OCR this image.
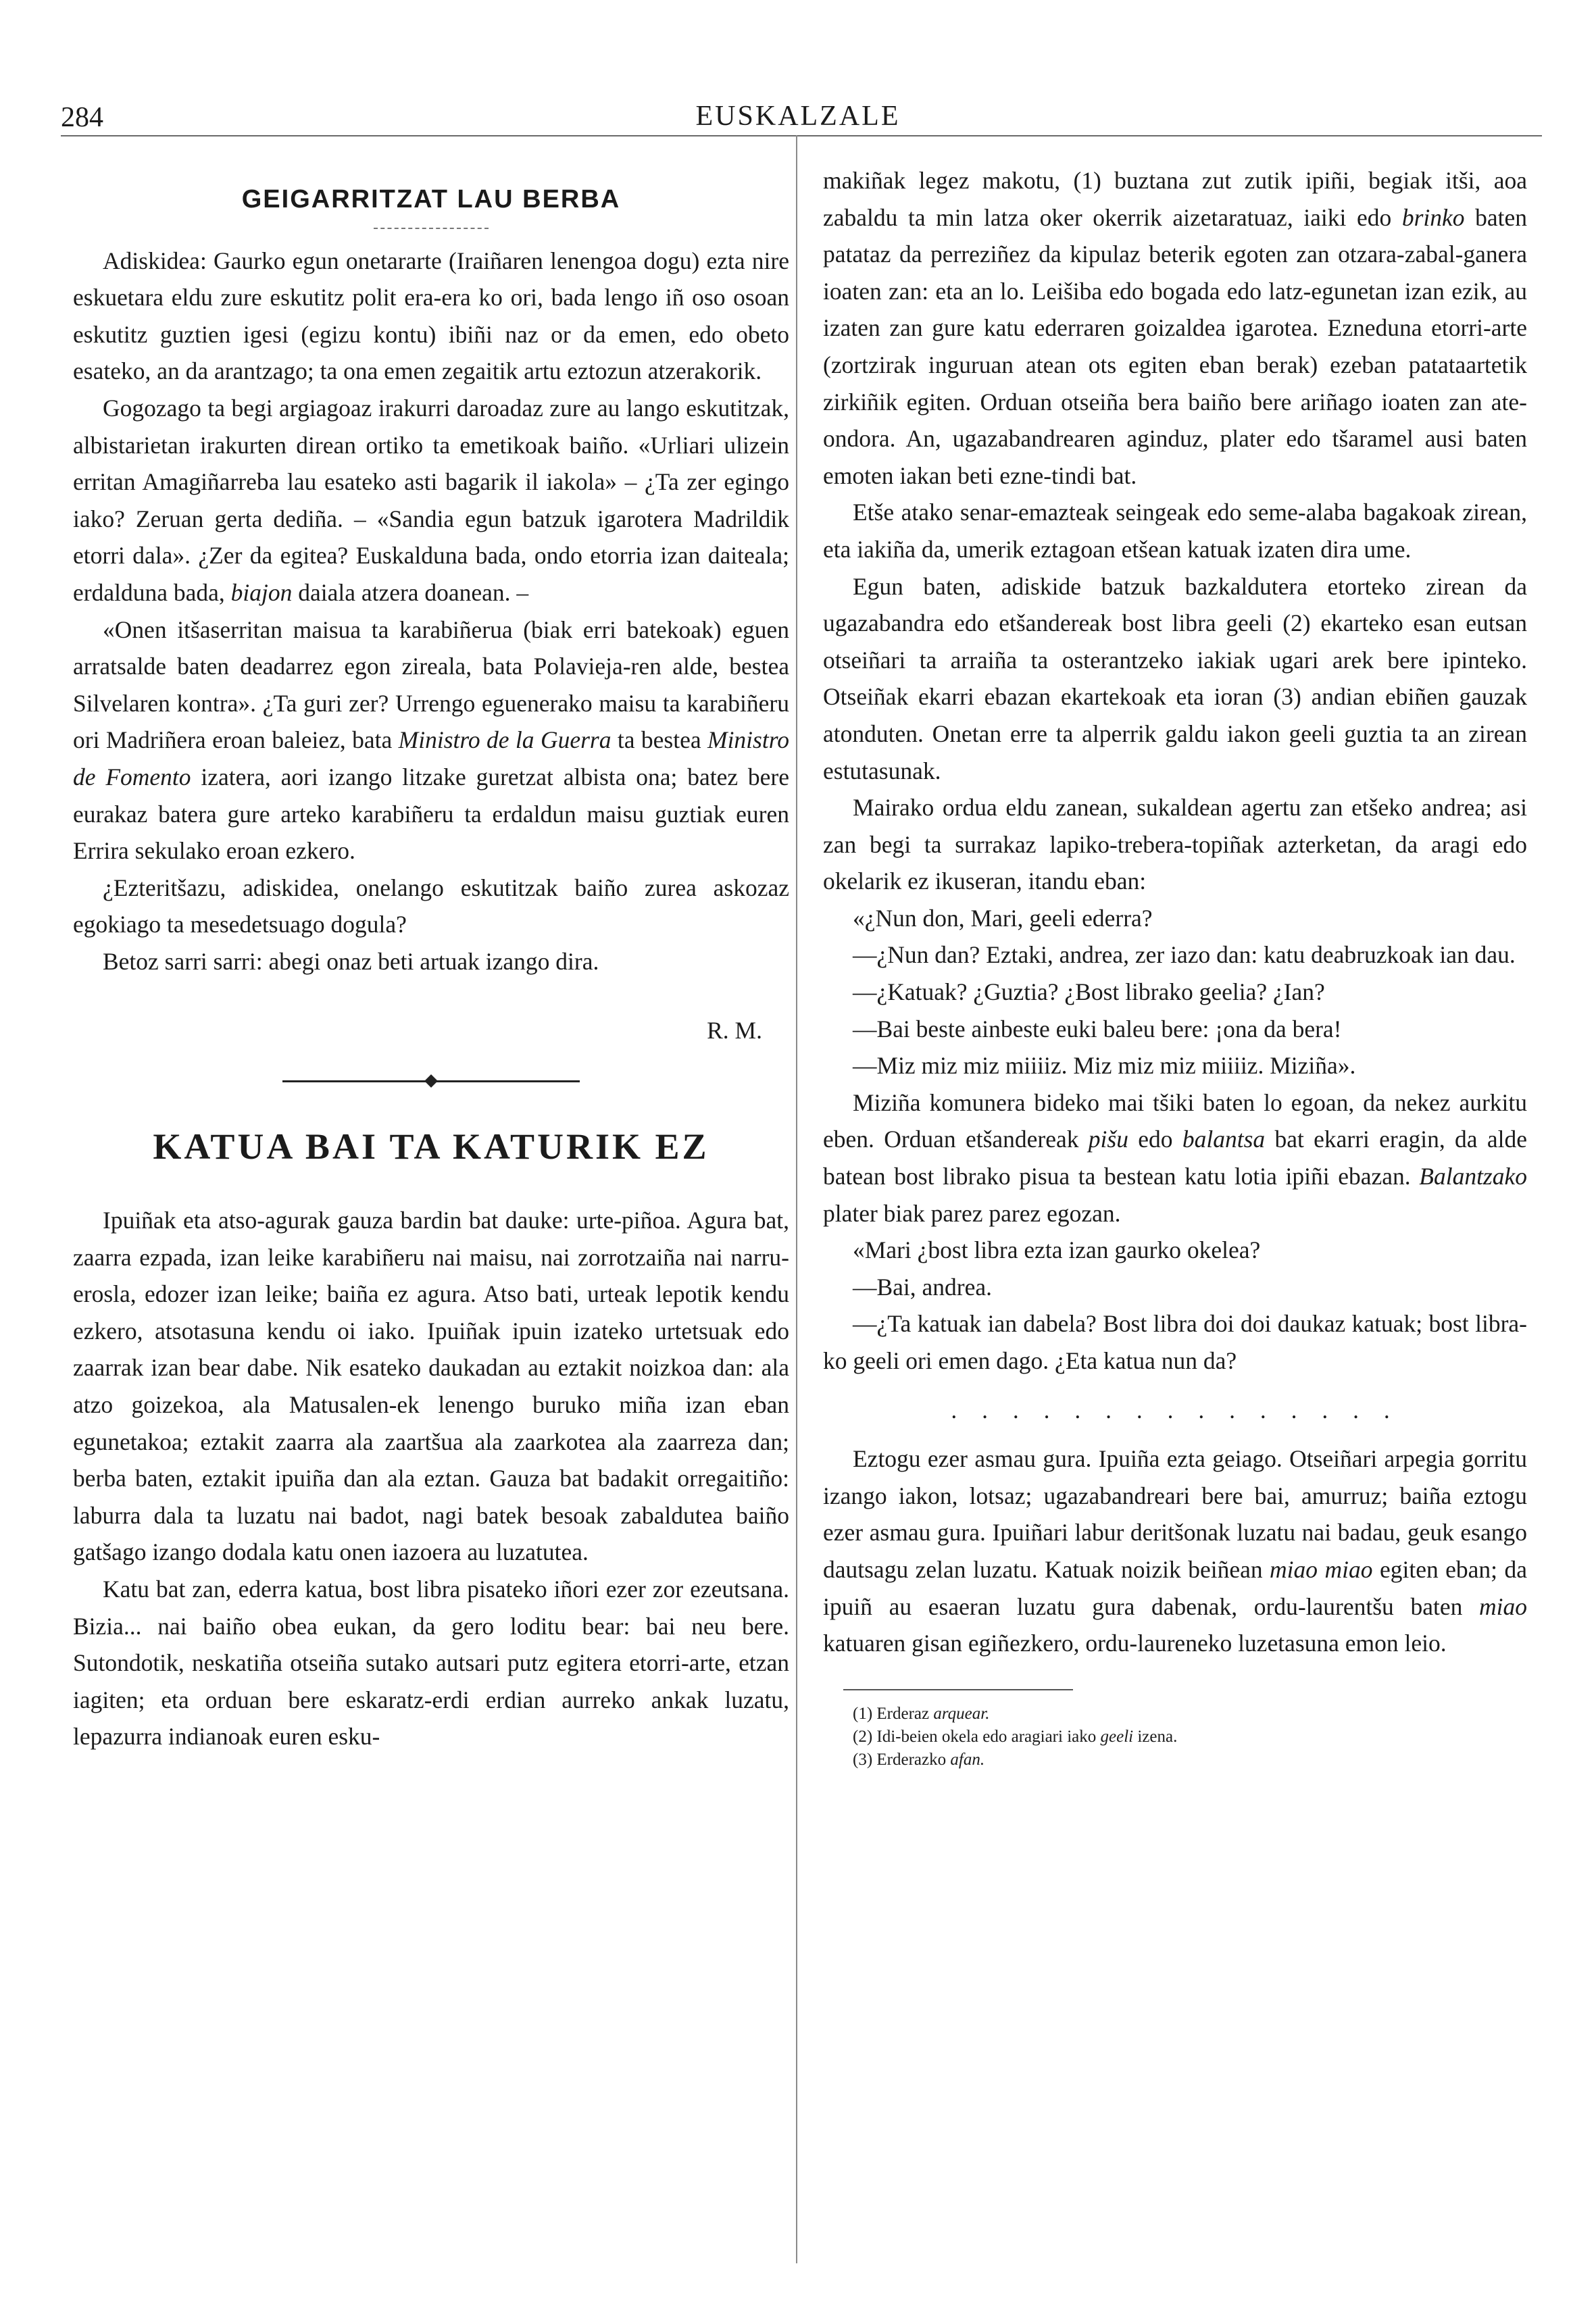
284	EUSKALZALE
GEIGARRITZAT LAU BERBA

Adiskidea: Gaurko egun onetararte (Iraiñaren lenengoa dogu) ezta nire eskuetara eldu zure eskutitz polit era-era ko ori, bada lengo iñ oso osoan eskutitz guztien igesi (egizu kontu) ibiñi naz or da emen, edo obeto esateko, an da arantzago; ta ona emen zegaitik artu eztozun atzerakorik.

Gogozago ta begi argiagoaz irakurri daroadaz zure au lango eskutitzak, albistarietan irakurten direan ortiko ta emetikoak baiño. «Urliari ulizein erritan Amagiñarreba lau esateko asti bagarik il iakola» – ¿Ta zer egingo iako? Zeruan gerta dediña. – «Sandia egun batzuk igarotera Madrildik etorri dala». ¿Zer da egitea? Euskalduna bada, ondo etorria izan daiteala; erdalduna bada, biajon daiala atzera doanean. –

«Onen itšaserritan maisua ta karabiñerua (biak erri batekoak) eguen arratsalde baten deadarrez egon zireala, bata Polavieja-ren alde, bestea Silvelaren kontra». ¿Ta guri zer? Urrengo eguenerako maisu ta karabiñeru ori Madriñera eroan baleiez, bata Ministro de la Guerra ta bestea Ministro de Fomento izatera, aori izango litzake guretzat albista ona; batez bere eurakaz batera gure arteko karabiñeru ta erdaldun maisu guztiak euren Errira sekulako eroan ezkero.

¿Ezteritšazu, adiskidea, onelango eskutitzak baiño zurea askozaz egokiago ta mesedetsuago dogula?

Betoz sarri sarri: abegi onaz beti artuak izango dira.

R. M.
KATUA BAI TA KATURIK EZ

Ipuiñak eta atso-agurak gauza bardin bat dauke: urte-piñoa. Agura bat, zaarra ezpada, izan leike karabiñeru nai maisu, nai zorrotzaiña nai narru-erosla, edozer izan leike; baiña ez agura. Atso bati, urteak lepotik kendu ezkero, atsotasuna kendu oi iako. Ipuiñak ipuin izateko urtetsuak edo zaarrak izan bear dabe. Nik esateko daukadan au eztakit noizkoa dan: ala atzo goizekoa, ala Matusalen-ek lenengo buruko miña izan eban egunetakoa; eztakit zaarra ala zaartšua ala zaarkotea ala zaarreza dan; berba baten, eztakit ipuiña dan ala eztan. Gauza bat badakit orregaitiño: laburra dala ta luzatu nai badot, nagi batek besoak zabaldutea baiño gatšago izango dodala katu onen iazoera au luzatutea.

Katu bat zan, ederra katua, bost libra pisateko iñori ezer zor ezeutsana. Bizia... nai baiño obea eukan, da gero loditu bear: bai neu bere. Sutondotik, neskatiña otseiña sutako autsari putz egitera etorri-arte, etzan iagiten; eta orduan bere eskaratz-erdi erdian aurreko ankak luzatu, lepazurra indianoak euren esku-

makiñak legez makotu, (1) buztana zut zutik ipiñi, begiak itši, aoa zabaldu ta min latza oker okerrik aizetaratuaz, iaiki edo brinko baten patataz da perreziñez da kipulaz beterik egoten zan otzara-zabal-ganera ioaten zan: eta an lo. Leišiba edo bogada edo latz-egunetan izan ezik, au izaten zan gure katu ederraren goizaldea igarotea. Ezneduna etorri-arte (zortzirak inguruan atean ots egiten eban berak) ezeban patataartetik zirkiñik egiten. Orduan otseiña bera baiño bere ariñago ioaten zan ate-ondora. An, ugazabandrearen aginduz, plater edo tšaramel ausi baten emoten iakan beti ezne-tindi bat.

Etše atako senar-emazteak seingeak edo seme-alaba bagakoak zirean, eta iakiña da, umerik eztagoan etšean katuak izaten dira ume.

Egun baten, adiskide batzuk bazkaldutera etorteko zirean da ugazabandra edo etšandereak bost libra geeli (2) ekarteko esan eutsan otseiñari ta arraiña ta osterantzeko iakiak ugari arek bere ipinteko. Otseiñak ekarri ebazan ekartekoak eta ioran (3) andian ebiñen gauzak atonduten. Onetan erre ta alperrik galdu iakon geeli guztia ta an zirean estutasunak.

Mairako ordua eldu zanean, sukaldean agertu zan etšeko andrea; asi zan begi ta surrakaz lapiko-trebera-topiñak azterketan, da aragi edo okelarik ez ikuseran, itandu eban:

«¿Nun don, Mari, geeli ederra?

—¿Nun dan? Eztaki, andrea, zer iazo dan: katu deabruzkoak ian dau.

—¿Katuak? ¿Guztia? ¿Bost librako geelia? ¿Ian?

—Bai beste ainbeste euki baleu bere: ¡ona da bera!

—Miz miz miz miiiiz. Miz miz miz miiiiz. Miziña».

Miziña komunera bideko mai tšiki baten lo egoan, da nekez aurkitu eben. Orduan etšandereak pišu edo balantsa bat ekarri eragin, da alde batean bost librako pisua ta bestean katu lotia ipiñi ebazan. Balantzako plater biak parez parez egozan.

«Mari ¿bost libra ezta izan gaurko okelea?

—Bai, andrea.

—¿Ta katuak ian dabela? Bost libra doi doi daukaz katuak; bost libra-ko geeli ori emen dago. ¿Eta katua nun da?

. . . . . . . . . . . . . . .

Eztogu ezer asmau gura. Ipuiña ezta geiago. Otseiñari arpegia gorritu izango iakon, lotsaz; ugazabandreari bere bai, amurruz; baiña eztogu ezer asmau gura. Ipuiñari labur deritšonak luzatu nai badau, geuk esango dautsagu zelan luzatu. Katuak noizik beiñean miao miao egiten eban; da ipuiñ au esaeran luzatu gura dabenak, ordu-laurentšu baten miao katuaren gisan egiñezkero, ordu-laureneko luzetasuna emon leio.

(1) Erderaz arquear.

(2) Idi-beien okela edo aragiari iako geeli izena.

(3) Erderazko afan.
